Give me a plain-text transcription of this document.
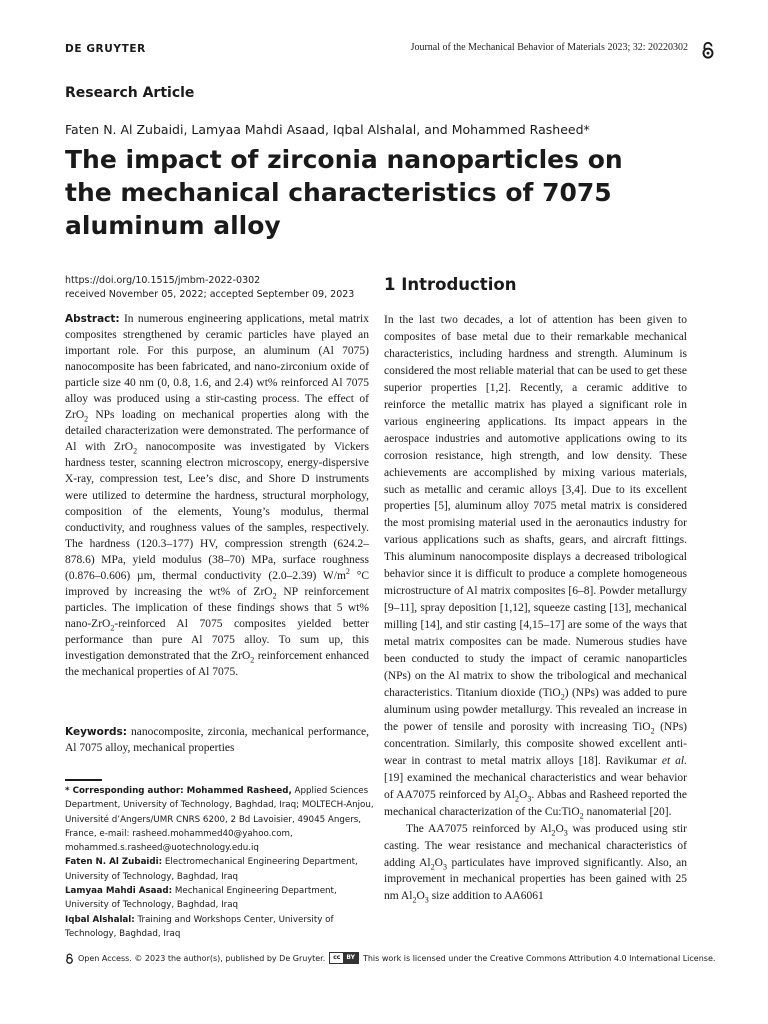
DE GRUYTER	Journal of the Mechanical Behavior of Materials 2023; 32: 20220302
Research Article
Faten N. Al Zubaidi, Lamyaa Mahdi Asaad, Iqbal Alshalal, and Mohammed Rasheed*
The impact of zirconia nanoparticles on the mechanical characteristics of 7075 aluminum alloy
https://doi.org/10.1515/jmbm-2022-0302
received November 05, 2022; accepted September 09, 2023

Abstract: In numerous engineering applications, metal matrix composites strengthened by ceramic particles have played an important role. For this purpose, an aluminum (Al 7075) nanocomposite has been fabricated, and nano-zirconium oxide of particle size 40 nm (0, 0.8, 1.6, and 2.4) wt% reinforced Al 7075 alloy was produced using a stir-casting process. The effect of ZrO$_2$ NPs loading on mechanical properties along with the detailed characterization were demonstrated. The performance of Al with ZrO$_2$ nanocomposite was investigated by Vickers hardness tester, scanning electron microscopy, energy-dispersive X-ray, compression test, Lee’s disc, and Shore D instruments were utilized to determine the hardness, structural morphology, composition of the elements, Young’s modulus, thermal conductivity, and roughness values of the samples, respectively. The hardness (120.3–177) HV, compression strength (624.2–878.6) MPa, yield modulus (38–70) MPa, surface roughness (0.876–0.606) µm, thermal conductivity (2.0–2.39) $W/m^2$ °C improved by increasing the wt% of ZrO$_2$ NP reinforcement particles. The implication of these findings shows that 5 wt% nano-ZrO$_2$-reinforced Al 7075 composites yielded better performance than pure Al 7075 alloy. To sum up, this investigation demonstrated that the ZrO$_2$ reinforcement enhanced the mechanical properties of Al 7075.

Keywords: nanocomposite, zirconia, mechanical performance, Al 7075 alloy, mechanical properties

* Corresponding author: Mohammed Rasheed, Applied Sciences Department, University of Technology, Baghdad, Iraq; MOLTECH-Anjou, Université d’Angers/UMR CNRS 6200, 2 Bd Lavoisier, 49045 Angers, France, e-mail: rasheed.mohammed40@yahoo.com, mohammed.s.rasheed@uotechnology.edu.iq

Faten N. Al Zubaidi: Electromechanical Engineering Department, University of Technology, Baghdad, Iraq

Lamyaa Mahdi Asaad: Mechanical Engineering Department, University of Technology, Baghdad, Iraq

Iqbal Alshalal: Training and Workshops Center, University of Technology, Baghdad, Iraq

1 Introduction

In the last two decades, a lot of attention has been given to composites of base metal due to their remarkable mechanical characteristics, including hardness and strength. Aluminum is considered the most reliable material that can be used to get these superior properties [1,2]. Recently, a ceramic additive to reinforce the metallic matrix has played a significant role in various engineering applications. Its impact appears in the aerospace industries and automotive applications owing to its corrosion resistance, high strength, and low density. These achievements are accomplished by mixing various materials, such as metallic and ceramic alloys [3,4]. Due to its excellent properties [5], aluminum alloy 7075 metal matrix is considered the most promising material used in the aeronautics industry for various applications such as shafts, gears, and aircraft fittings. This aluminum nanocomposite displays a decreased tribological behavior since it is difficult to produce a complete homogeneous microstructure of Al matrix composites [6–8]. Powder metallurgy [9–11], spray deposition [1,12], squeeze casting [13], mechanical milling [14], and stir casting [4,15–17] are some of the ways that metal matrix composites can be made. Numerous studies have been conducted to study the impact of ceramic nanoparticles (NPs) on the Al matrix to show the tribological and mechanical characteristics. Titanium dioxide (TiO$_2$) (NPs) was added to pure aluminum using powder metallurgy. This revealed an increase in the power of tensile and porosity with increasing TiO$_2$ (NPs) concentration. Similarly, this composite showed excellent anti-wear in contrast to metal matrix alloys [18]. Ravikumar et al. [19] examined the mechanical characteristics and wear behavior of AA7075 reinforced by $Al_2O_3$. Abbas and Rasheed reported the mechanical characterization of the Cu:TiO$_2$ nanomaterial [20].

The AA7075 reinforced by $Al_2O_3$ was produced using stir casting. The wear resistance and mechanical characteristics of adding $Al_2O_3$ particulates have improved significantly. Also, an improvement in mechanical properties has been gained with 25 nm $Al_2O_3$ size addition to AA6061

Open Access. © 2023 the author(s), published by De Gruyter.	cc	BY	This work is licensed under the Creative Commons Attribution 4.0 International License.
